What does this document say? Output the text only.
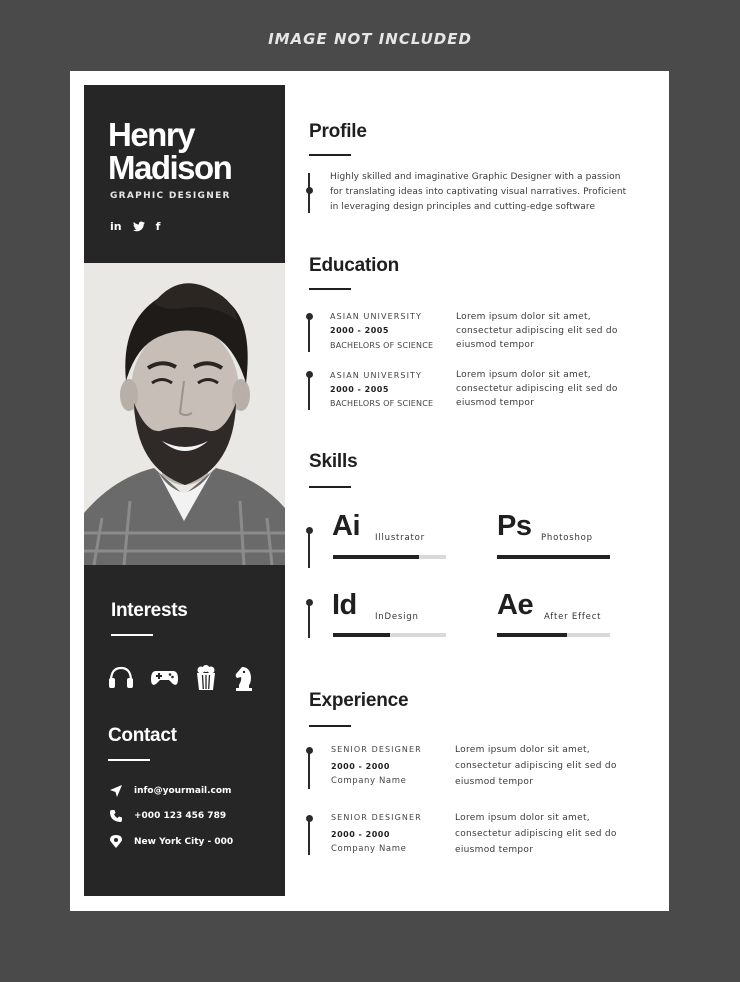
IMAGE NOT INCLUDED
Henry
Madison
GRAPHIC DESIGNER
in	f
Interests
Contact
info@yourmail.com
+000 123 456 789
New York City - 000
Profile
Highly skilled and imaginative Graphic Designer with a passion
for translating ideas into captivating visual narratives. Proficient
in leveraging design principles and cutting-edge software
Education
ASIAN UNIVERSITY
2000 - 2005
BACHELORS OF SCIENCE
Lorem ipsum dolor sit amet,
consectetur adipiscing elit sed do
eiusmod tempor
ASIAN UNIVERSITY
2000 - 2005
BACHELORS OF SCIENCE
Lorem ipsum dolor sit amet,
consectetur adipiscing elit sed do
eiusmod tempor
Skills
Ai Illustrator Ps Photoshop
Id InDesign	Ae After Effect
Experience
SENIOR DESIGNER
2000 - 2000
Company Name
Lorem ipsum dolor sit amet,
consectetur adipiscing elit sed do
eiusmod tempor
SENIOR DESIGNER
2000 - 2000
Company Name
Lorem ipsum dolor sit amet,
consectetur adipiscing elit sed do
eiusmod tempor
